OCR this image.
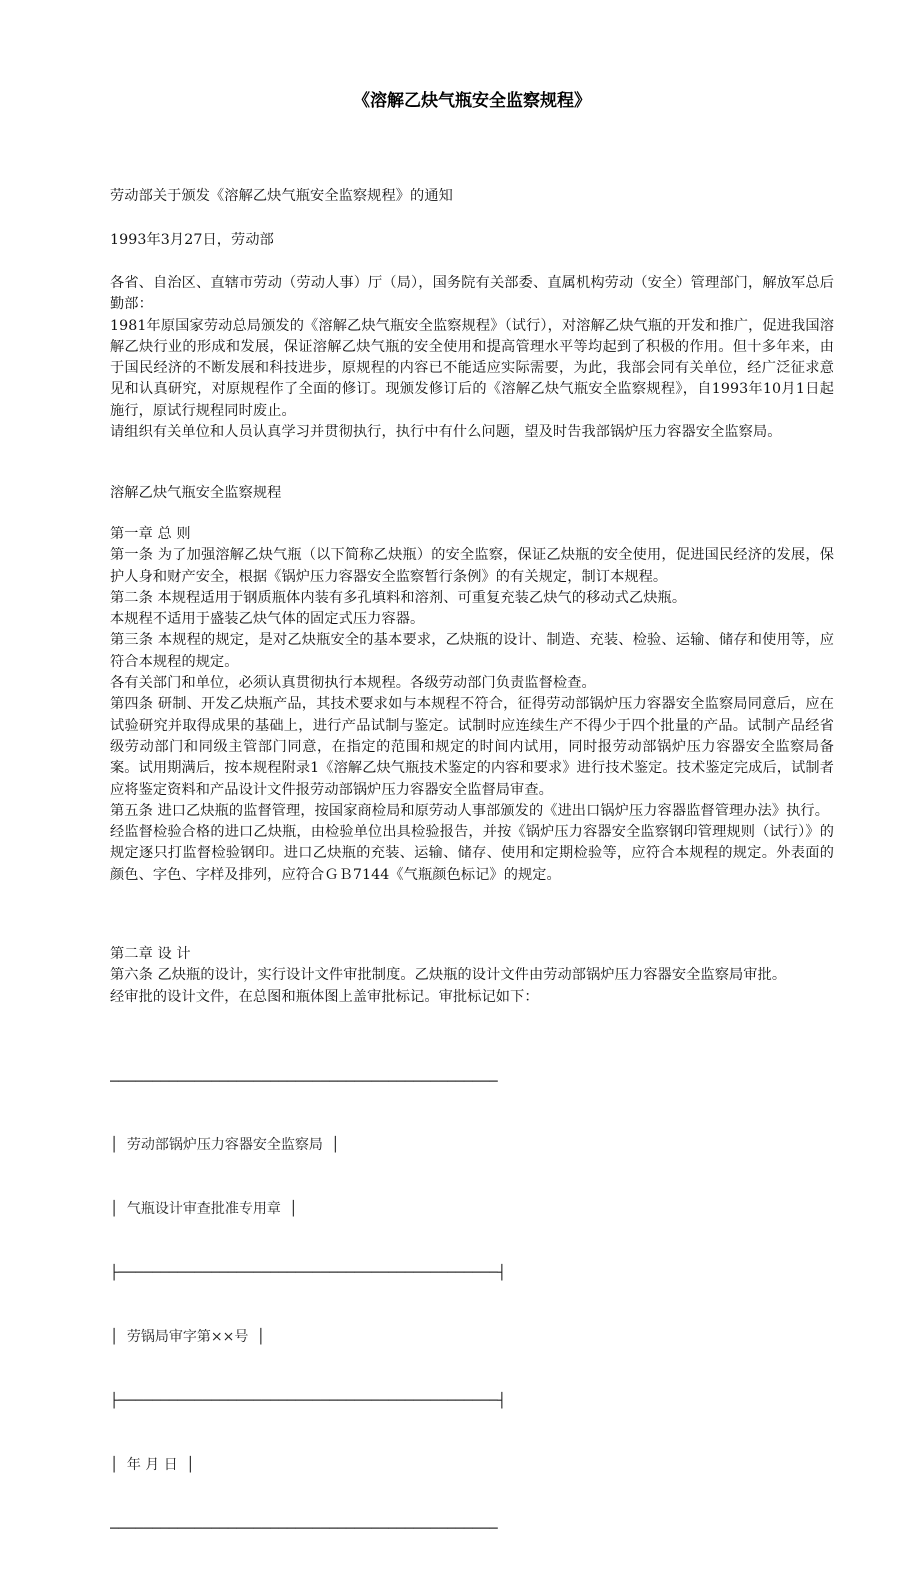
《溶解乙炔气瓶安全监察规程》
劳动部关于颁发《溶解乙炔气瓶安全监察规程》的通知
1993年3月27日，劳动部

各省、自治区、直辖市劳动（劳动人事）厅（局），国务院有关部委、直属机构劳动（安全）管理部门，解放军总后勤部：

1981年原国家劳动总局颁发的《溶解乙炔气瓶安全监察规程》（试行），对溶解乙炔气瓶的开发和推广，促进我国溶解乙炔行业的形成和发展，保证溶解乙炔气瓶的安全使用和提高管理水平等均起到了积极的作用。但十多年来，由于国民经济的不断发展和科技进步，原规程的内容已不能适应实际需要，为此，我部会同有关单位，经广泛征求意见和认真研究，对原规程作了全面的修订。现颁发修订后的《溶解乙炔气瓶安全监察规程》，自1993年10月1日起施行，原试行规程同时废止。

请组织有关单位和人员认真学习并贯彻执行，执行中有什么问题，望及时告我部锅炉压力容器安全监察局。

溶解乙炔气瓶安全监察规程

第一章 总 则

第一条 为了加强溶解乙炔气瓶（以下简称乙炔瓶）的安全监察，保证乙炔瓶的安全使用，促进国民经济的发展，保护人身和财产安全，根据《锅炉压力容器安全监察暂行条例》的有关规定，制订本规程。

第二条 本规程适用于钢质瓶体内装有多孔填料和溶剂、可重复充装乙炔气的移动式乙炔瓶。

本规程不适用于盛装乙炔气体的固定式压力容器。

第三条 本规程的规定，是对乙炔瓶安全的基本要求，乙炔瓶的设计、制造、充装、检验、运输、储存和使用等，应符合本规程的规定。

各有关部门和单位，必须认真贯彻执行本规程。各级劳动部门负责监督检查。

第四条 研制、开发乙炔瓶产品，其技术要求如与本规程不符合，征得劳动部锅炉压力容器安全监察局同意后，应在试验研究并取得成果的基础上，进行产品试制与鉴定。试制时应连续生产不得少于四个批量的产品。试制产品经省级劳动部门和同级主管部门同意，在指定的范围和规定的时间内试用，同时报劳动部锅炉压力容器安全监察局备案。试用期满后，按本规程附录1《溶解乙炔气瓶技术鉴定的内容和要求》进行技术鉴定。技术鉴定完成后，试制者应将鉴定资料和产品设计文件报劳动部锅炉压力容器安全监督局审查。

第五条 进口乙炔瓶的监督管理，按国家商检局和原劳动人事部颁发的《进出口锅炉压力容器监督管理办法》执行。

经监督检验合格的进口乙炔瓶，由检验单位出具检验报告，并按《锅炉压力容器安全监察钢印管理规则（试行）》的规定逐只打监督检验钢印。进口乙炔瓶的充装、运输、储存、使用和定期检验等，应符合本规程的规定。外表面的颜色、字色、字样及排列，应符合ＧＢ7144《气瓶颜色标记》的规定。

第二章 设 计

第六条 乙炔瓶的设计，实行设计文件审批制度。乙炔瓶的设计文件由劳动部锅炉压力容器安全监察局审批。

经审批的设计文件，在总图和瓶体图上盖审批标记。审批标记如下：

──────────────────────────────────────────────

│ 劳动部锅炉压力容器安全监察局 │

│ 气瓶设计审查批准专用章 │

├─────────────────────────────────────────────┤

│ 劳锅局审字第××号 │

├─────────────────────────────────────────────┤

│ 年 月 日 │

──────────────────────────────────────────────
